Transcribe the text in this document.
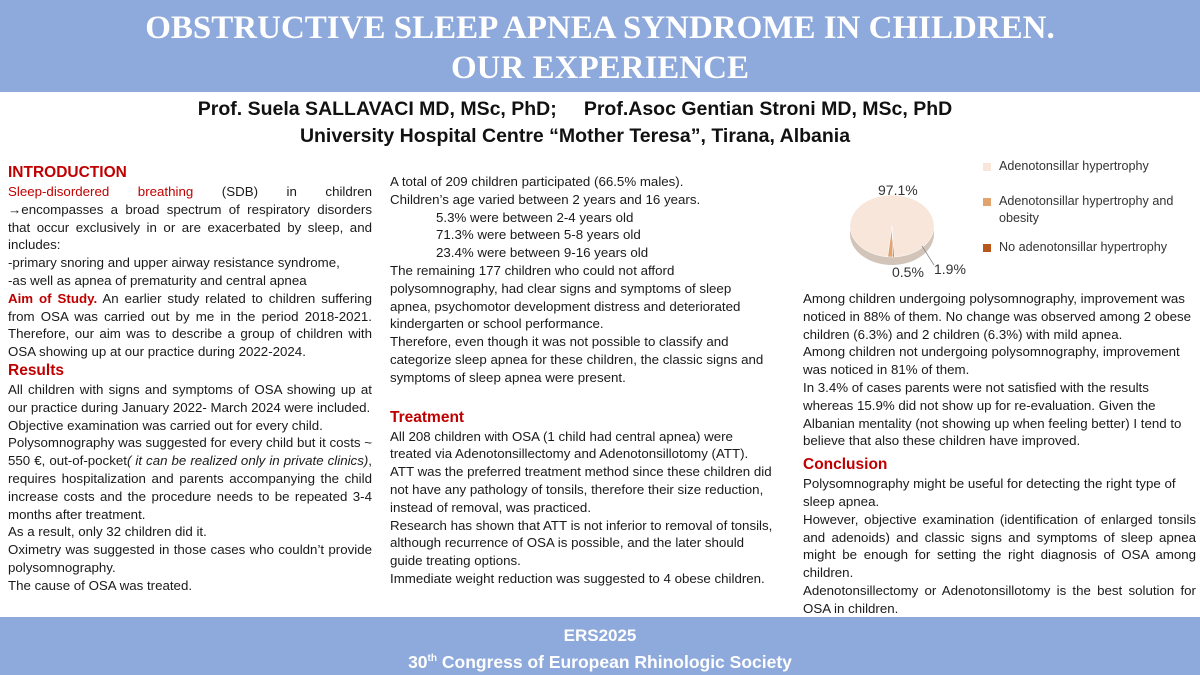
OBSTRUCTIVE SLEEP APNEA SYNDROME IN CHILDREN.
OUR EXPERIENCE
Prof. Suela SALLAVACI MD, MSc, PhD;     Prof.Asoc Gentian Stroni MD, MSc, PhD
University Hospital Centre “Mother Teresa”, Tirana, Albania

INTRODUCTION

Sleep-disordered breathing (SDB) in children

→encompasses a broad spectrum of respiratory disorders that occur exclusively in or are exacerbated by sleep, and includes:

-primary snoring and upper airway resistance syndrome,

-as well as apnea of prematurity and central apnea

Aim of Study. An earlier study related to children suffering from OSA was carried out by me in the period 2018-2021. Therefore, our aim was to describe a group of children with OSA showing up at our practice during 2022-2024.

Results

All children with signs and symptoms of OSA showing up at our practice during January 2022- March 2024 were included.

Objective examination was carried out for every child.

Polysomnography was suggested for every child but it costs ~ 550 €, out-of-pocket( it can be realized only in private clinics), requires hospitalization and parents accompanying the child increase costs and the procedure needs to be repeated 3-4 months after treatment.

As a result, only 32 children did it.

Oximetry was suggested in those cases who couldn’t provide polysomnography.

The cause of OSA was treated.

A total of 209 children participated (66.5% males).

Children’s age varied between 2 years and 16 years.

5.3% were between 2-4 years old

71.3% were between 5-8 years old

23.4% were between 9-16 years old

The remaining 177 children who could not afford polysomnography, had clear signs and symptoms of sleep apnea, psychomotor development distress and deteriorated kindergarten or school performance.

Therefore, even though it was not possible to classify and categorize sleep apnea for these children, the classic signs and symptoms of sleep apnea were present.

Treatment

All 208 children with OSA (1 child had central apnea) were treated via Adenotonsillectomy and Adenotonsillotomy (ATT).

ATT was the preferred treatment method since these children did not have any pathology of tonsils, therefore their size reduction, instead of removal, was practiced.

Research has shown that ATT is not inferior to removal of tonsils, although recurrence of OSA is possible, and the later should guide treating options.

Immediate weight reduction was suggested to 4 obese children.

97.1%
1.9%
0.5%
Adenotonsillar hypertrophy
Adenotonsillar hypertrophy and obesity
No adenotonsillar hypertrophy

Among children undergoing polysomnography, improvement was noticed in 88% of them. No change was observed among 2 obese children (6.3%) and 2 children (6.3%) with mild apnea.

Among children not undergoing polysomnography, improvement was noticed in 81% of them.

In 3.4% of cases parents were not satisfied with the results

whereas 15.9% did not show up for re-evaluation. Given the Albanian mentality (not showing up when feeling better) I tend to believe that also these children have improved.

Conclusion

Polysomnography might be useful for detecting the right type of sleep apnea.

However, objective examination (identification of enlarged tonsils and adenoids) and classic signs and symptoms of sleep apnea might be enough for setting the right diagnosis of OSA among children.

Adenotonsillectomy or Adenotonsillotomy is the best solution for OSA in children.

ERS2025
30th Congress of European Rhinologic Society
